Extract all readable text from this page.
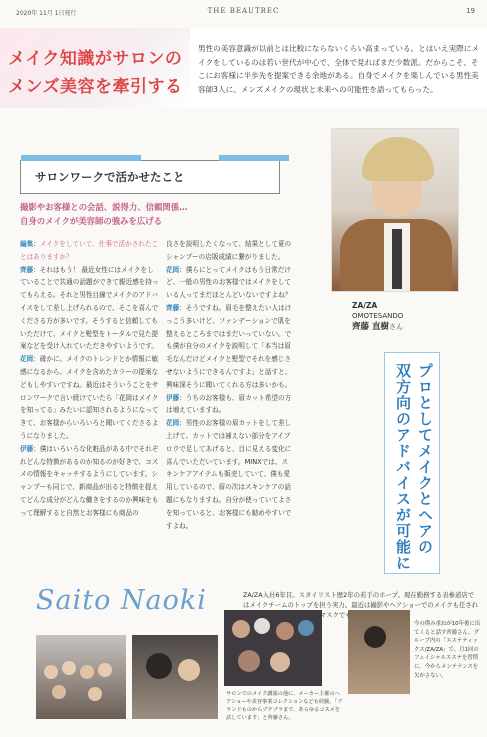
2020年 11月 1日発行	THE BEAUTREC	19
メイク知識がサロンの
メンズ美容を牽引する
男性の美容意識が以前とは比較にならないくらい高まっている。とはいえ実際にメイクをしているのは若い世代が中心で、全体で見ればまだ少数派。だからこそ、そこにお客様に半歩先を提案できる余地がある。自身でメイクを楽しんでいる男性美容師3人に、メンズメイクの現状と未来への可能性を語ってもらった。
サロンワークで活かせたこと
撮影やお客様との会話、説得力、信頼関係…
自身のメイクが美容師の強みを広げる

編集：メイクをしていて、仕事で活かされたことはありますか？

齊藤：それはもう！ 最近女性にはメイクをしていることで共通の話題ができて親近感を持ってもらえる。それと男性目線でメイクのアドバイスをして差し上げられるので、そこを喜んでくださる方が多いです。そうすると信頼してもいただけて、メイクと髪型をトータルで見た提案などを受け入れていただきやすいようです。

花岡：確かに。メイクのトレンドとか情報に敏感になるから、メイクを含めたカラーの提案などもしやすいですね。最近はそういうことをサロンワークで言い続けていたら「花岡はメイクを知ってる」みたいに認知されるようになってきて、お客様からいろいろと聞いてくださるようになりました。

伊藤：僕はいろいろな化粧品がある中でそれぞれどんな特徴があるのか知るのが好きで、コスメの情報をキャッチするようにしています。シャンプーも同じで、新商品が出ると特徴を捉えてどんな成分がどんな働きをするのか興味をもって理解すると自然とお客様にも商品の

良さを説明したくなって、結果として夏のシャンプーの店販成績に繋がりました。

花岡：僕らにとってメイクはもう日常だけど、一般の男性のお客様ではメイクをしている人ってまだほとんどいないですよね？

齊藤：そうですね。眉毛を整えたい人はけっこう多いけど、ファンデーションで肌を整えるところまではまだいっていない。でも僕が自分のメイクを説明して「本当は眉毛なんだけどメイクと髪型でそれを感じさせないようにできるんですよ」と話すと、興味深そうに聞いてくれる方は多いかも。

伊藤：うちのお客様も、眉カット希望の方は増えていますね。

花岡：男性のお客様の眉カットをして差し上げて、カットでは補えない部分をアイブロウで足してあげると、目に見える変化に喜んでいただいています。MINXでは、スキンケアアイテムも販売していて、僕も愛用しているので、眉の次はスキンケアの話題にもなりますね。自分が使っていてよさを知っていると、お客様にも勧めやすいですよね。

ZA/ZA
OMOTESANDO
齊藤 直樹さん
プロとしてメイクとヘアの
双方向のアドバイスが可能に
Saito Naoki	ZA/ZA入社6年目。スタイリスト歴2年の若手のホープ。現在勤務する表参道店ではメイクチームのトップを担う実力。最近は撮影やヘアショーでのメイクも任され マスクでも映
サロンでのメイク講演の他に、メーカー主催のヘアショーや美容事業コレクションなども経験。「ブランドものからプチプラまで、あらゆるコスメを試しています」と齊藤さん。
今の僕み重ねが10年後に出てくると話す齊藤さん。グループ内の「エステティックス/ZA/ZA」で、月1回のフェイシャルエステを習慣に。今からメンテナンスを欠かさない。
